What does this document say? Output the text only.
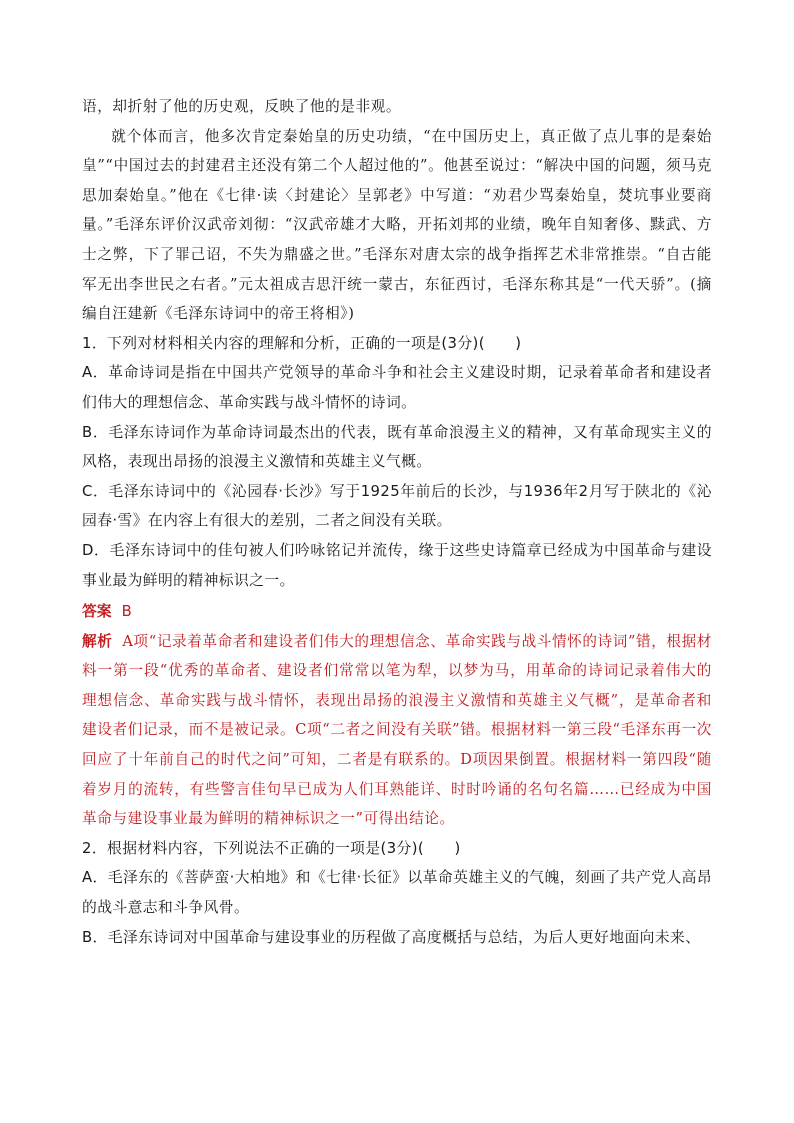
语，却折射了他的历史观，反映了他的是非观。

就个体而言，他多次肯定秦始皇的历史功绩，“在中国历史上，真正做了点儿事的是秦始皇”“中国过去的封建君主还没有第二个人超过他的”。他甚至说过：“解决中国的问题，须马克思加秦始皇。”他在《七律·读〈封建论〉呈郭老》中写道：“劝君少骂秦始皇，焚坑事业要商量。”毛泽东评价汉武帝刘彻：“汉武帝雄才大略，开拓刘邦的业绩，晚年自知奢侈、黩武、方士之弊，下了罪己诏，不失为鼎盛之世。”毛泽东对唐太宗的战争指挥艺术非常推崇。“自古能军无出李世民之右者。”元太祖成吉思汗统一蒙古，东征西讨，毛泽东称其是“一代天骄”。(摘编自汪建新《毛泽东诗词中的帝王将相》)

1．下列对材料相关内容的理解和分析，正确的一项是(3分)(　　)

A．革命诗词是指在中国共产党领导的革命斗争和社会主义建设时期，记录着革命者和建设者们伟大的理想信念、革命实践与战斗情怀的诗词。

B．毛泽东诗词作为革命诗词最杰出的代表，既有革命浪漫主义的精神，又有革命现实主义的风格，表现出昂扬的浪漫主义激情和英雄主义气概。

C．毛泽东诗词中的《沁园春·长沙》写于1925年前后的长沙，与1936年2月写于陕北的《沁园春·雪》在内容上有很大的差别，二者之间没有关联。

D．毛泽东诗词中的佳句被人们吟咏铭记并流传，缘于这些史诗篇章已经成为中国革命与建设事业最为鲜明的精神标识之一。

答案 B

解析 A项“记录着革命者和建设者们伟大的理想信念、革命实践与战斗情怀的诗词”错，根据材料一第一段“优秀的革命者、建设者们常常以笔为犁，以梦为马，用革命的诗词记录着伟大的理想信念、革命实践与战斗情怀，表现出昂扬的浪漫主义激情和英雄主义气概”，是革命者和建设者们记录，而不是被记录。C项“二者之间没有关联”错。根据材料一第三段“毛泽东再一次回应了十年前自己的时代之问”可知，二者是有联系的。D项因果倒置。根据材料一第四段“随着岁月的流转，有些警言佳句早已成为人们耳熟能详、时时吟诵的名句名篇……已经成为中国革命与建设事业最为鲜明的精神标识之一”可得出结论。

2．根据材料内容，下列说法不正确的一项是(3分)(　　)

A．毛泽东的《菩萨蛮·大柏地》和《七律·长征》以革命英雄主义的气魄，刻画了共产党人高昂的战斗意志和斗争风骨。

B．毛泽东诗词对中国革命与建设事业的历程做了高度概括与总结，为后人更好地面向未来、
